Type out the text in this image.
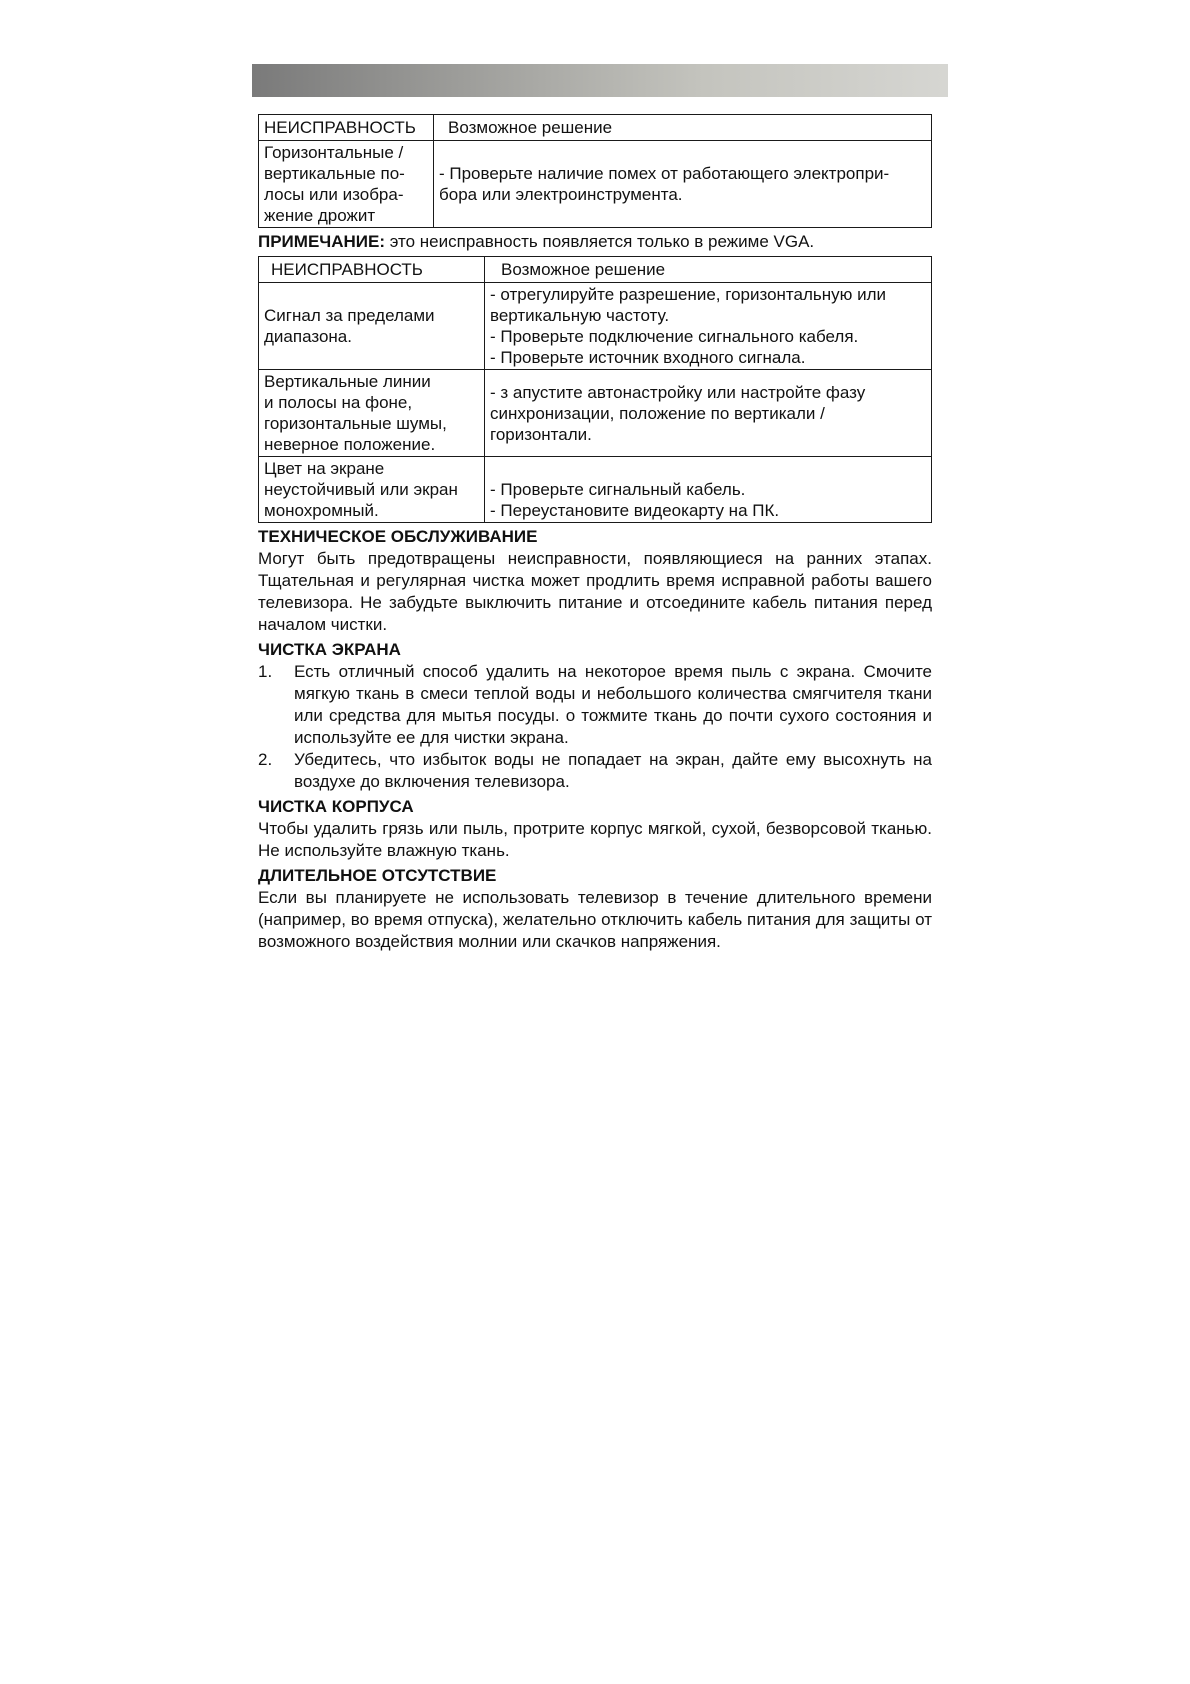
НЕИСПРАВНОСТЬ	Возможное решение

Горизонтальные /
вертикальные по-
лосы или изобра-
жение дрожит	- Проверьте наличие помех от работающего электропри-
бора или электроинструмента.
ПРИМЕЧАНИЕ: это неисправность появляется только в режиме VGA.
НЕИСПРАВНОСТЬ	Возможное решение

Сигнал за пределами
диапазона.	- отрегулируйте разрешение, горизонтальную или
вертикальную частоту.
- Проверьте подключение сигнального кабеля.
- Проверьте источник входного сигнала.

Вертикальные линии
и полосы на фоне,
горизонтальные шумы,
неверное положение.	- з апустите автонастройку или настройте фазу
синхронизации, положение по вертикали /
горизонтали.

Цвет на экране
неустойчивый или экран
монохромный.	- Проверьте сигнальный кабель.
- Переустановите видеокарту на ПК.
ТЕХНИЧЕСКОЕ ОБСЛУЖИВАНИЕ

Могут быть предотвращены неисправности, появляющиеся на ранних этапах. Тщательная и регулярная чистка может продлить время исправной работы вашего телевизора. Не забудьте выключить питание и отсоедините кабель питания перед началом чистки.

ЧИСТКА ЭКРАНА
1. Есть отличный способ удалить на некоторое время пыль с экрана. Смочите мягкую ткань в смеси теплой воды и небольшого количества смягчителя ткани или средства для мытья посуды. о тожмите ткань до почти сухого состояния и используйте ее для чистки экрана.
2. Убедитесь, что избыток воды не попадает на экран, дайте ему высохнуть на воздухе до включения телевизора.
ЧИСТКА КОРПУСА

Чтобы удалить грязь или пыль, протрите корпус мягкой, сухой, безворсовой тканью. Не используйте влажную ткань.

ДЛИТЕЛЬНОЕ ОТСУТСТВИЕ

Если вы планируете не использовать телевизор в течение длительного времени (например, во время отпуска), желательно отключить кабель питания для защиты от возможного воздействия молнии или скачков напряжения.
